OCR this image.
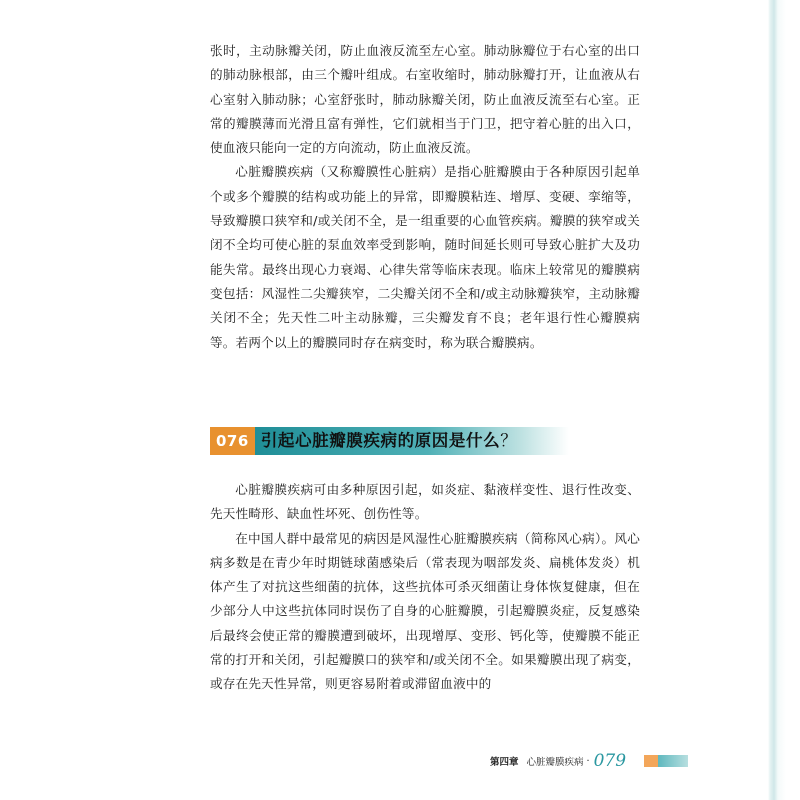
张时，主动脉瓣关闭，防止血液反流至左心室。肺动脉瓣位于右心室的出口的肺动脉根部，由三个瓣叶组成。右室收缩时，肺动脉瓣打开，让血液从右心室射入肺动脉；心室舒张时，肺动脉瓣关闭，防止血液反流至右心室。正常的瓣膜薄而光滑且富有弹性，它们就相当于门卫，把守着心脏的出入口，使血液只能向一定的方向流动，防止血液反流。

心脏瓣膜疾病（又称瓣膜性心脏病）是指心脏瓣膜由于各种原因引起单个或多个瓣膜的结构或功能上的异常，即瓣膜粘连、增厚、变硬、挛缩等，导致瓣膜口狭窄和/或关闭不全，是一组重要的心血管疾病。瓣膜的狭窄或关闭不全均可使心脏的泵血效率受到影响，随时间延长则可导致心脏扩大及功能失常。最终出现心力衰竭、心律失常等临床表现。临床上较常见的瓣膜病变包括：风湿性二尖瓣狭窄，二尖瓣关闭不全和/或主动脉瓣狭窄，主动脉瓣关闭不全；先天性二叶主动脉瓣，三尖瓣发育不良；老年退行性心瓣膜病等。若两个以上的瓣膜同时存在病变时，称为联合瓣膜病。

076 引起心脏瓣膜疾病的原因是什么？

心脏瓣膜疾病可由多种原因引起，如炎症、黏液样变性、退行性改变、先天性畸形、缺血性坏死、创伤性等。

在中国人群中最常见的病因是风湿性心脏瓣膜疾病（简称风心病）。风心病多数是在青少年时期链球菌感染后（常表现为咽部发炎、扁桃体发炎）机体产生了对抗这些细菌的抗体，这些抗体可杀灭细菌让身体恢复健康，但在少部分人中这些抗体同时误伤了自身的心脏瓣膜，引起瓣膜炎症，反复感染后最终会使正常的瓣膜遭到破坏，出现增厚、变形、钙化等，使瓣膜不能正常的打开和关闭，引起瓣膜口的狭窄和/或关闭不全。如果瓣膜出现了病变，或存在先天性异常，则更容易附着或滞留血液中的

第四章 心脏瓣膜疾病 · 079
